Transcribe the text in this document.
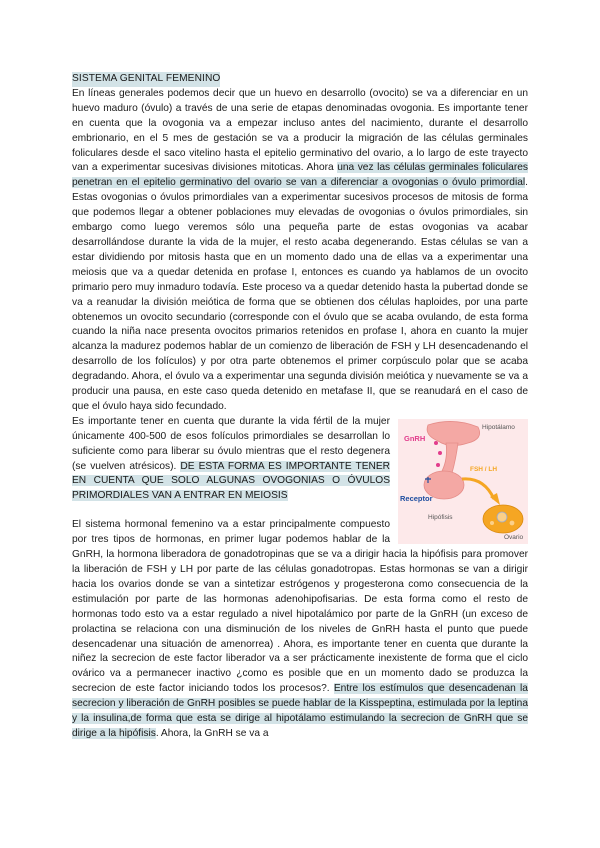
SISTEMA GENITAL FEMENINO

En líneas generales podemos decir que un huevo en desarrollo (ovocito) se va a diferenciar en un huevo maduro (óvulo) a través de una serie de etapas denominadas ovogonia. Es importante tener en cuenta que la ovogonia va a empezar incluso antes del nacimiento, durante el desarrollo embrionario, en el 5 mes de gestación se va a producir la migración de las células germinales foliculares desde el saco vitelino hasta el epitelio germinativo del ovario, a lo largo de este trayecto van a experimentar sucesivas divisiones mitoticas. Ahora una vez las células germinales foliculares penetran en el epitelio germinativo del ovario se van a diferenciar a ovogonias o óvulo primordial. Estas ovogonias o óvulos primordiales van a experimentar sucesivos procesos de mitosis de forma que podemos llegar a obtener poblaciones muy elevadas de ovogonias o óvulos primordiales, sin embargo como luego veremos sólo una pequeña parte de estas ovogonias va acabar desarrollándose durante la vida de la mujer, el resto acaba degenerando. Estas células se van a estar dividiendo por mitosis hasta que en un momento dado una de ellas va a experimentar una meiosis que va a quedar detenida en profase I, entonces es cuando ya hablamos de un ovocito primario pero muy inmaduro todavía. Este proceso va a quedar detenido hasta la pubertad donde se va a reanudar la división meiótica de forma que se obtienen dos células haploides, por una parte obtenemos un ovocito secundario (corresponde con el óvulo que se acaba ovulando, de esta forma cuando la niña nace presenta ovocitos primarios retenidos en profase I, ahora en cuanto la mujer alcanza la madurez podemos hablar de un comienzo de liberación de FSH y LH desencadenando el desarrollo de los folículos) y por otra parte obtenemos el primer corpúsculo polar que se acaba degradando. Ahora, el óvulo va a experimentar una segunda división meiótica y nuevamente se va a producir una pausa, en este caso queda detenido en metafase II, que se reanudará en el caso de que el óvulo haya sido fecundado.

GnRH
Hipotálamo
FSH / LH
Receptor
Hipófisis
Ovario

Es importante tener en cuenta que durante la vida fértil de la mujer únicamente 400-500 de esos folículos primordiales se desarrollan lo suficiente como para liberar su óvulo mientras que el resto degenera (se vuelven atrésicos). DE ESTA FORMA ES IMPORTANTE TENER EN CUENTA QUE SOLO ALGUNAS OVOGONIAS O ÓVULOS PRIMORDIALES VAN A ENTRAR EN MEIOSIS

El sistema hormonal femenino va a estar principalmente compuesto por tres tipos de hormonas, en primer lugar podemos hablar de la GnRH, la hormona liberadora de gonadotropinas que se va a dirigir hacia la hipófisis para promover la liberación de FSH y LH por parte de las células gonadotropas. Estas hormonas se van a dirigir hacia los ovarios donde se van a sintetizar estrógenos y progesterona como consecuencia de la estimulación por parte de las hormonas adenohipofisarias. De esta forma como el resto de hormonas todo esto va a estar regulado a nivel hipotalámico por parte de la GnRH (un exceso de prolactina se relaciona con una disminución de los niveles de GnRH hasta el punto que puede desencadenar una situación de amenorrea) . Ahora, es importante tener en cuenta que durante la niñez la secrecion de este factor liberador va a ser prácticamente inexistente de forma que el ciclo ovárico va a permanecer inactivo ¿como es posible que en un momento dado se produzca la secrecion de este factor iniciando todos los procesos?. Entre los estímulos que desencadenan la secrecion y liberación de GnRH posibles se puede hablar de la Kisspeptina, estimulada por la leptina y la insulina,de forma que esta se dirige al hipotálamo estimulando la secrecion de GnRH que se dirige a la hipófisis. Ahora, la GnRH se va a
